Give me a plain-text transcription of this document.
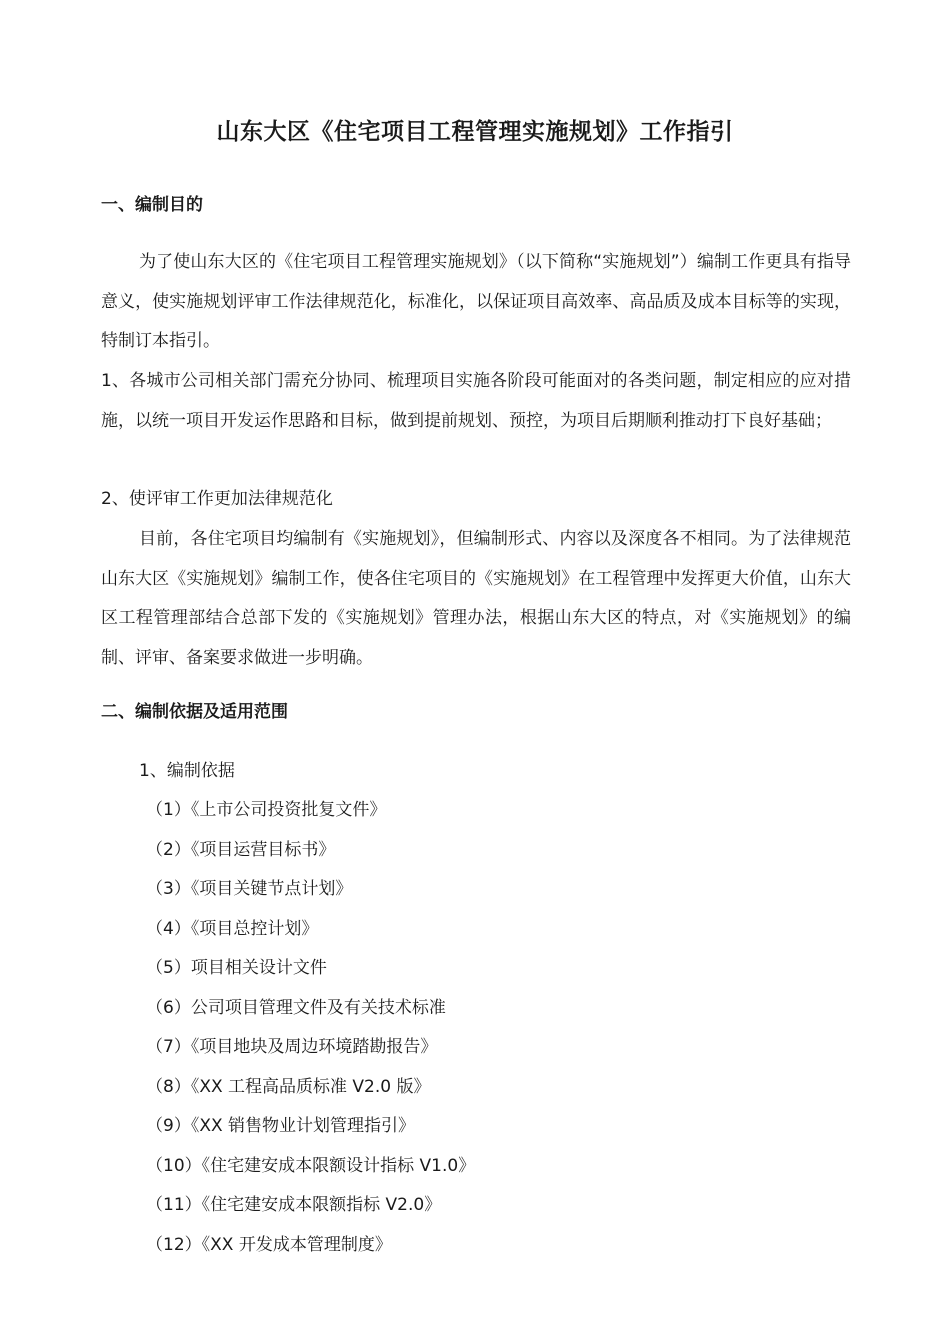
山东大区《住宅项目工程管理实施规划》工作指引
一、编制目的

为了使山东大区的《住宅项目工程管理实施规划》（以下简称“实施规划”）编制工作更具有指导意义，使实施规划评审工作法律规范化，标准化，以保证项目高效率、高品质及成本目标等的实现，特制订本指引。

1、各城市公司相关部门需充分协同、梳理项目实施各阶段可能面对的各类问题，制定相应的应对措施，以统一项目开发运作思路和目标，做到提前规划、预控，为项目后期顺利推动打下良好基础；

2、使评审工作更加法律规范化

目前，各住宅项目均编制有《实施规划》，但编制形式、内容以及深度各不相同。为了法律规范山东大区《实施规划》编制工作，使各住宅项目的《实施规划》在工程管理中发挥更大价值，山东大区工程管理部结合总部下发的《实施规划》管理办法，根据山东大区的特点，对《实施规划》的编制、评审、备案要求做进一步明确。

二、编制依据及适用范围
1、编制依据
（1）《上市公司投资批复文件》
（2）《项目运营目标书》
（3）《项目关键节点计划》
（4）《项目总控计划》
（5）项目相关设计文件
（6）公司项目管理文件及有关技术标准
（7）《项目地块及周边环境踏勘报告》
（8）《XX 工程高品质标准 V2.0 版》
（9）《XX 销售物业计划管理指引》
（10）《住宅建安成本限额设计指标 V1.0》
（11）《住宅建安成本限额指标 V2.0》
（12）《XX 开发成本管理制度》
